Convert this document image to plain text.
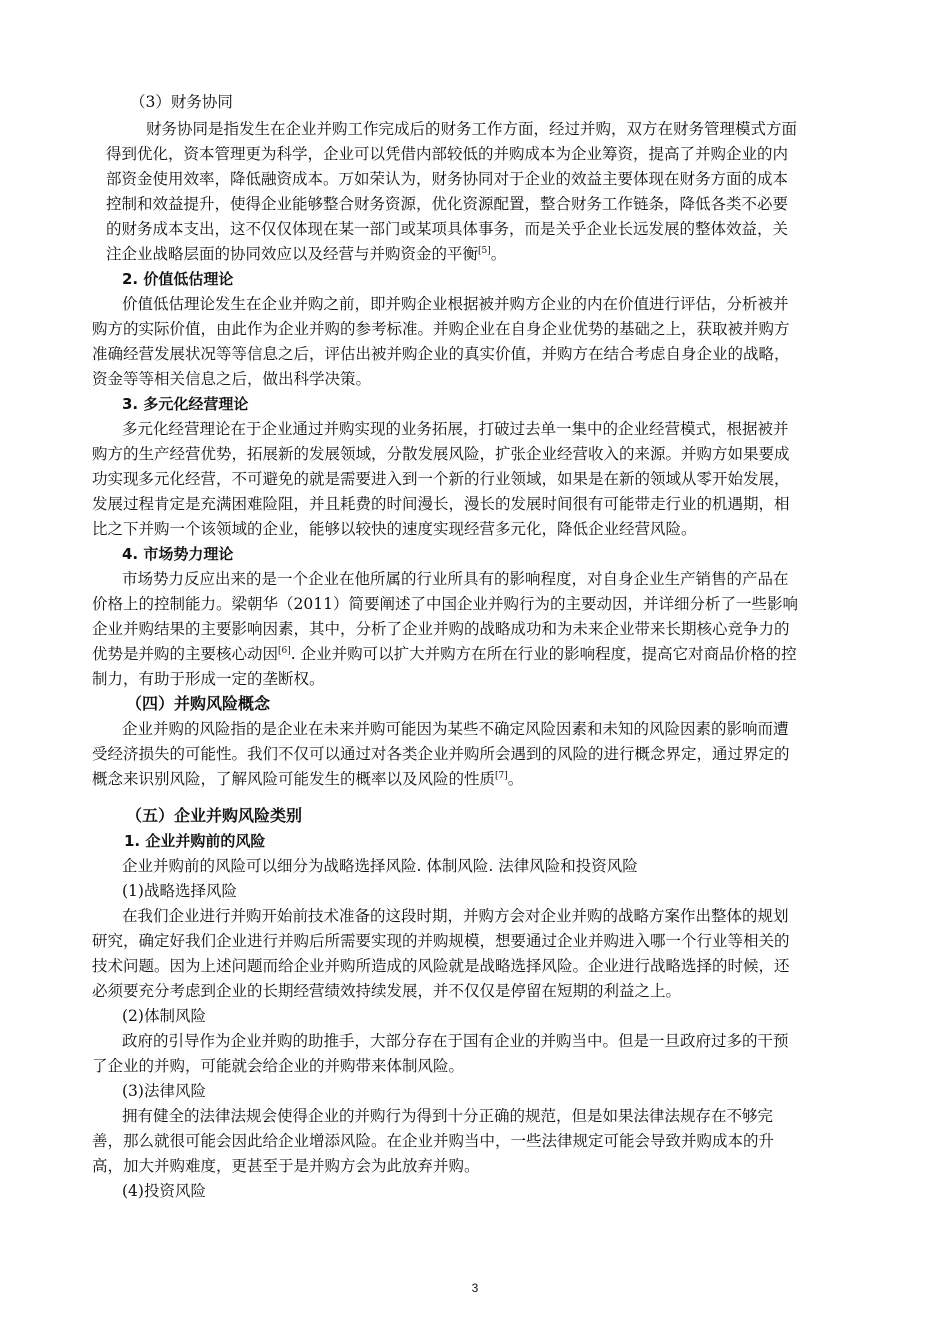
（3）财务协同
财务协同是指发生在企业并购工作完成后的财务工作方面，经过并购，双方在财务管理模式方面
得到优化，资本管理更为科学，企业可以凭借内部较低的并购成本为企业筹资，提高了并购企业的内
部资金使用效率，降低融资成本。万如荣认为，财务协同对于企业的效益主要体现在财务方面的成本
控制和效益提升，使得企业能够整合财务资源，优化资源配置，整合财务工作链条，降低各类不必要
的财务成本支出，这不仅仅体现在某一部门或某项具体事务，而是关乎企业长远发展的整体效益，关
注企业战略层面的协同效应以及经营与并购资金的平衡[5]。
2. 价值低估理论
价值低估理论发生在企业并购之前，即并购企业根据被并购方企业的内在价值进行评估，分析被并
购方的实际价值，由此作为企业并购的参考标准。并购企业在自身企业优势的基础之上，获取被并购方
准确经营发展状况等等信息之后，评估出被并购企业的真实价值，并购方在结合考虑自身企业的战略，
资金等等相关信息之后，做出科学决策。
3. 多元化经营理论
多元化经营理论在于企业通过并购实现的业务拓展，打破过去单一集中的企业经营模式，根据被并
购方的生产经营优势，拓展新的发展领域，分散发展风险，扩张企业经营收入的来源。并购方如果要成
功实现多元化经营，不可避免的就是需要进入到一个新的行业领域，如果是在新的领域从零开始发展，
发展过程肯定是充满困难险阻，并且耗费的时间漫长，漫长的发展时间很有可能带走行业的机遇期，相
比之下并购一个该领域的企业，能够以较快的速度实现经营多元化，降低企业经营风险。
4. 市场势力理论
市场势力反应出来的是一个企业在他所属的行业所具有的影响程度，对自身企业生产销售的产品在
价格上的控制能力。梁朝华（2011）简要阐述了中国企业并购行为的主要动因，并详细分析了一些影响
企业并购结果的主要影响因素，其中，分析了企业并购的战略成功和为未来企业带来长期核心竞争力的
优势是并购的主要核心动因[6]. 企业并购可以扩大并购方在所在行业的影响程度，提高它对商品价格的控
制力，有助于形成一定的垄断权。
（四）并购风险概念
企业并购的风险指的是企业在未来并购可能因为某些不确定风险因素和未知的风险因素的影响而遭
受经济损失的可能性。我们不仅可以通过对各类企业并购所会遇到的风险的进行概念界定，通过界定的
概念来识别风险，了解风险可能发生的概率以及风险的性质[7]。
（五）企业并购风险类别
1. 企业并购前的风险
企业并购前的风险可以细分为战略选择风险. 体制风险. 法律风险和投资风险
(1)战略选择风险
在我们企业进行并购开始前技术准备的这段时期，并购方会对企业并购的战略方案作出整体的规划
研究，确定好我们企业进行并购后所需要实现的并购规模，想要通过企业并购进入哪一个行业等相关的
技术问题。因为上述问题而给企业并购所造成的风险就是战略选择风险。企业进行战略选择的时候，还
必须要充分考虑到企业的长期经营绩效持续发展，并不仅仅是停留在短期的利益之上。
(2)体制风险
政府的引导作为企业并购的助推手，大部分存在于国有企业的并购当中。但是一旦政府过多的干预
了企业的并购，可能就会给企业的并购带来体制风险。
(3)法律风险
拥有健全的法律法规会使得企业的并购行为得到十分正确的规范，但是如果法律法规存在不够完
善，那么就很可能会因此给企业增添风险。在企业并购当中，一些法律规定可能会导致并购成本的升
高，加大并购难度，更甚至于是并购方会为此放弃并购。
(4)投资风险
3
